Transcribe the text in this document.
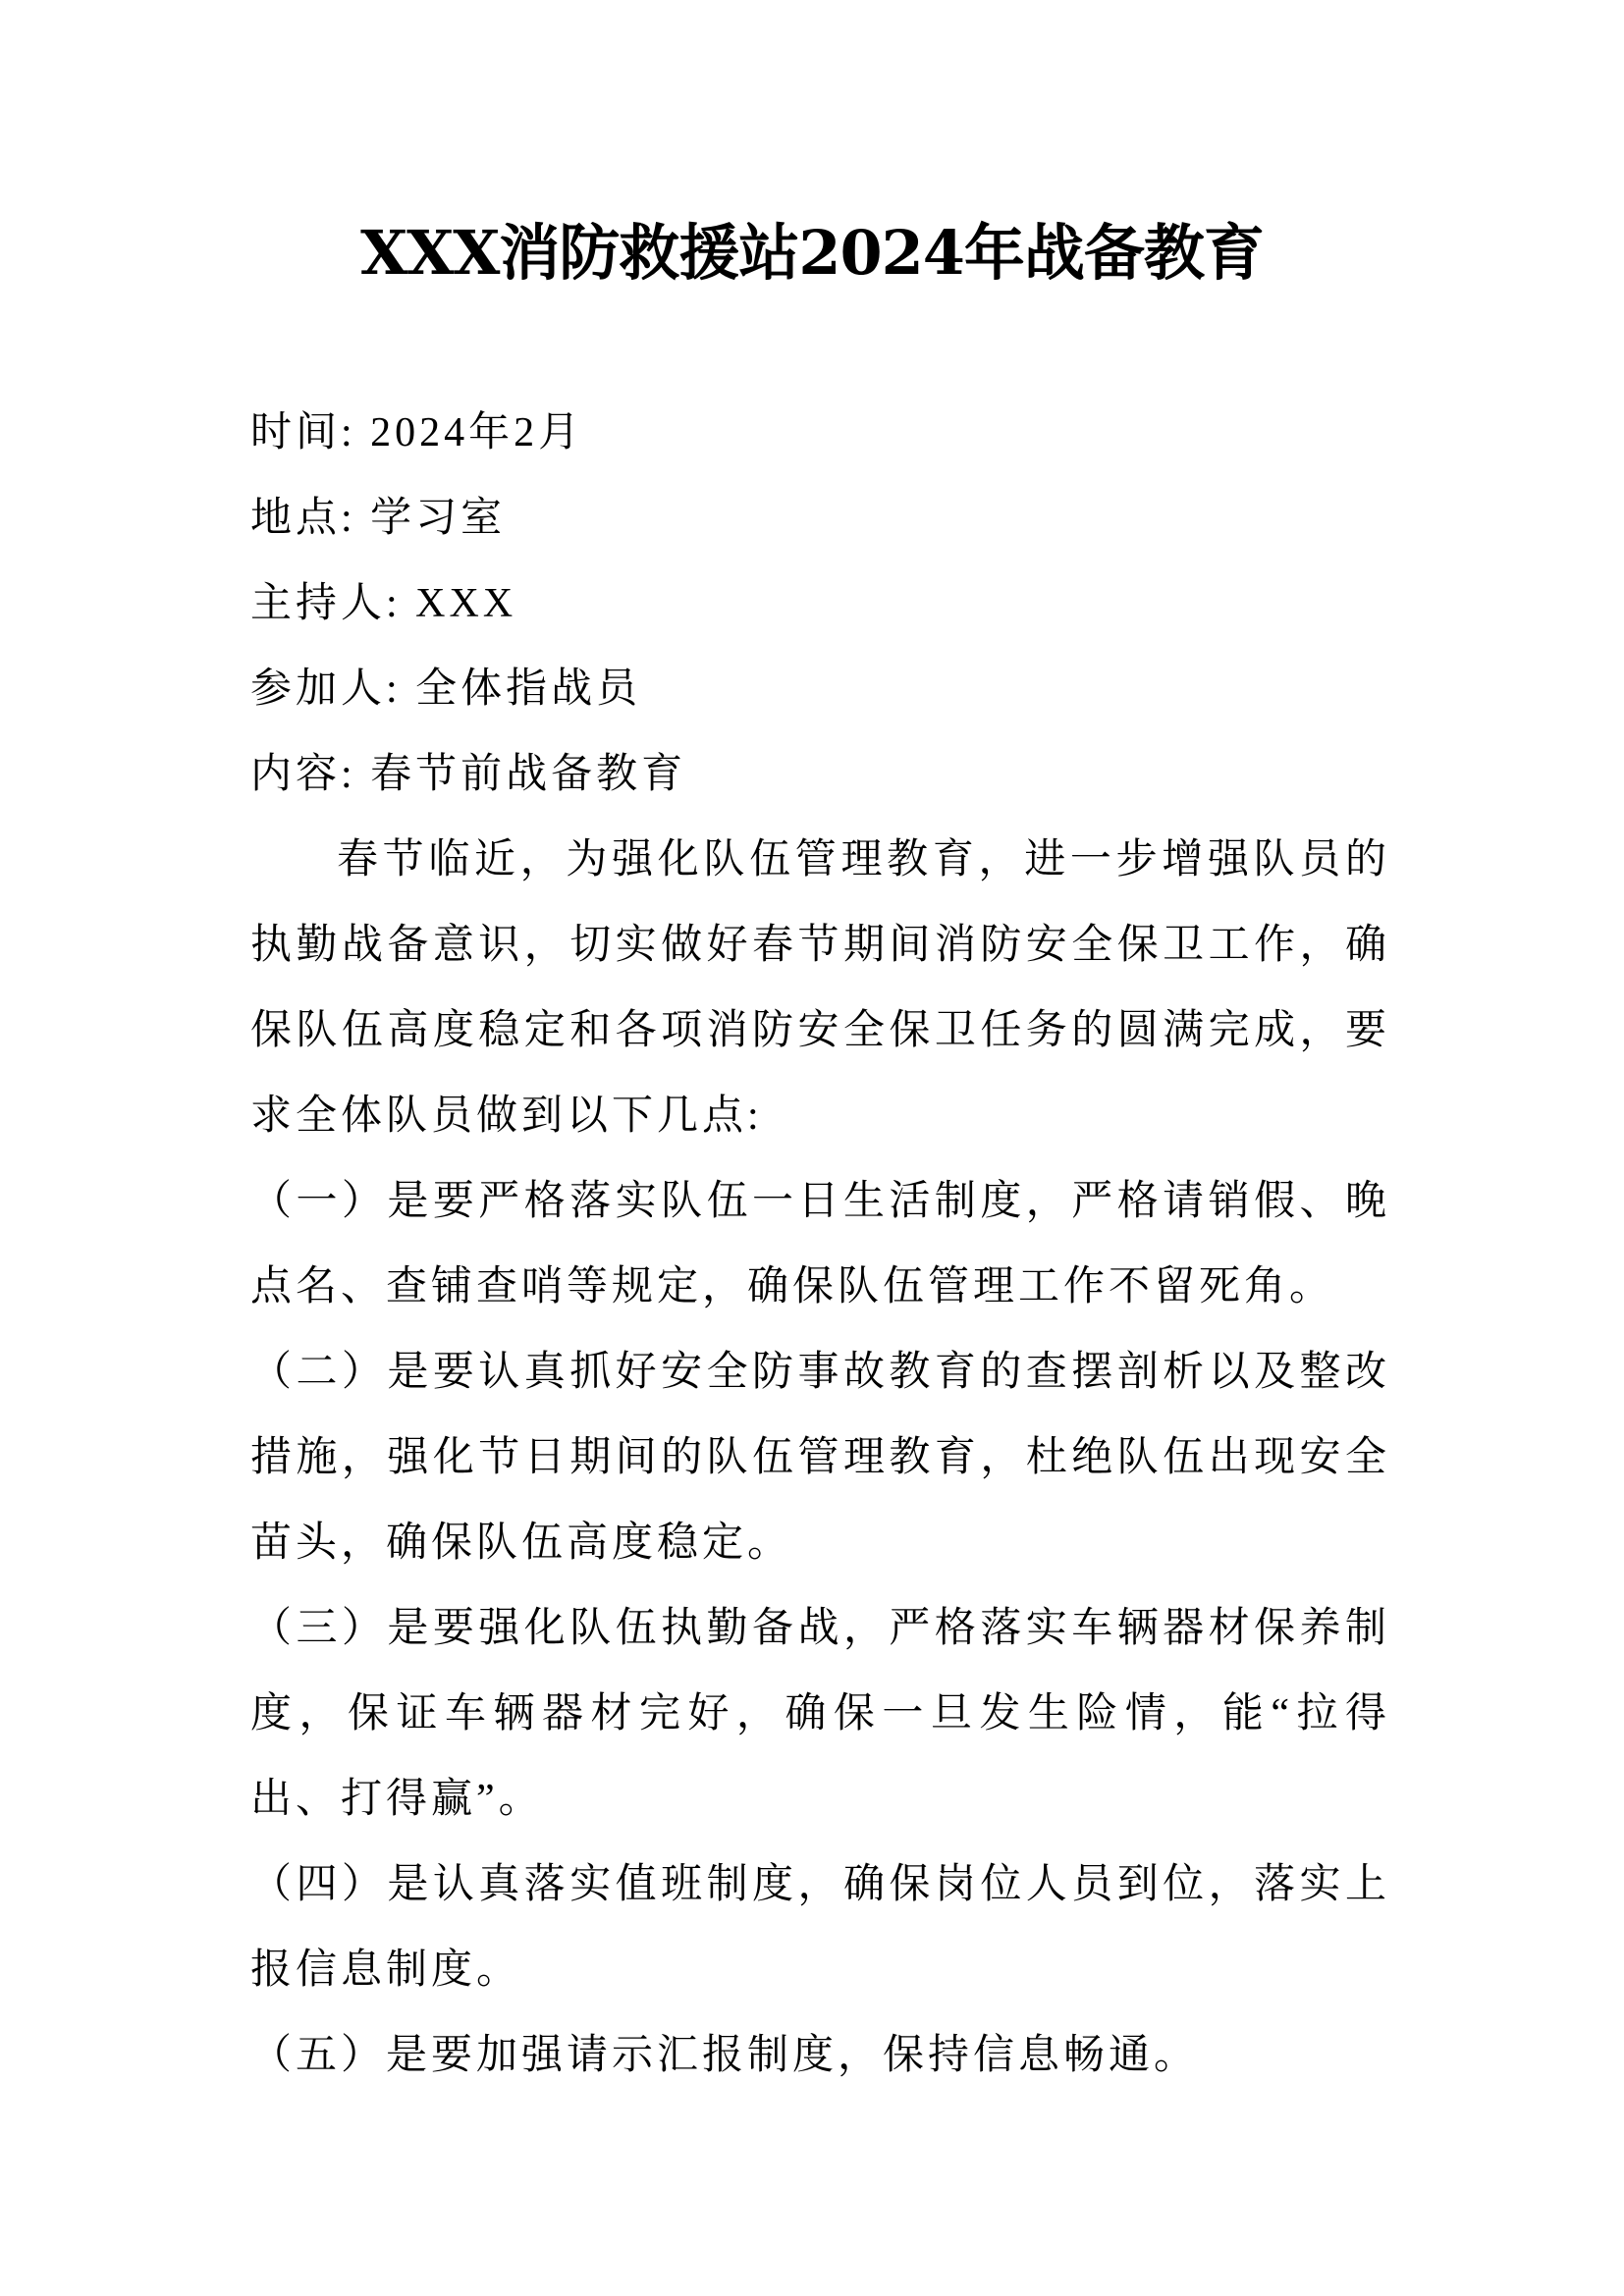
XXX消防救援站2024年战备教育
时间: 2024年2月
地点: 学习室
主持人: XXX
参加人: 全体指战员
内容: 春节前战备教育
春节临近，为强化队伍管理教育，进一步增强队员的
执勤战备意识，切实做好春节期间消防安全保卫工作，确
保队伍高度稳定和各项消防安全保卫任务的圆满完成，要
求全体队员做到以下几点:
（一）是要严格落实队伍一日生活制度，严格请销假、晚
点名、查铺查哨等规定，确保队伍管理工作不留死角。
（二）是要认真抓好安全防事故教育的查摆剖析以及整改
措施，强化节日期间的队伍管理教育，杜绝队伍出现安全
苗头，确保队伍高度稳定。
（三）是要强化队伍执勤备战，严格落实车辆器材保养制
度，保证车辆器材完好，确保一旦发生险情，能“拉得
出、打得赢”。
（四）是认真落实值班制度，确保岗位人员到位，落实上
报信息制度。
（五）是要加强请示汇报制度，保持信息畅通。
